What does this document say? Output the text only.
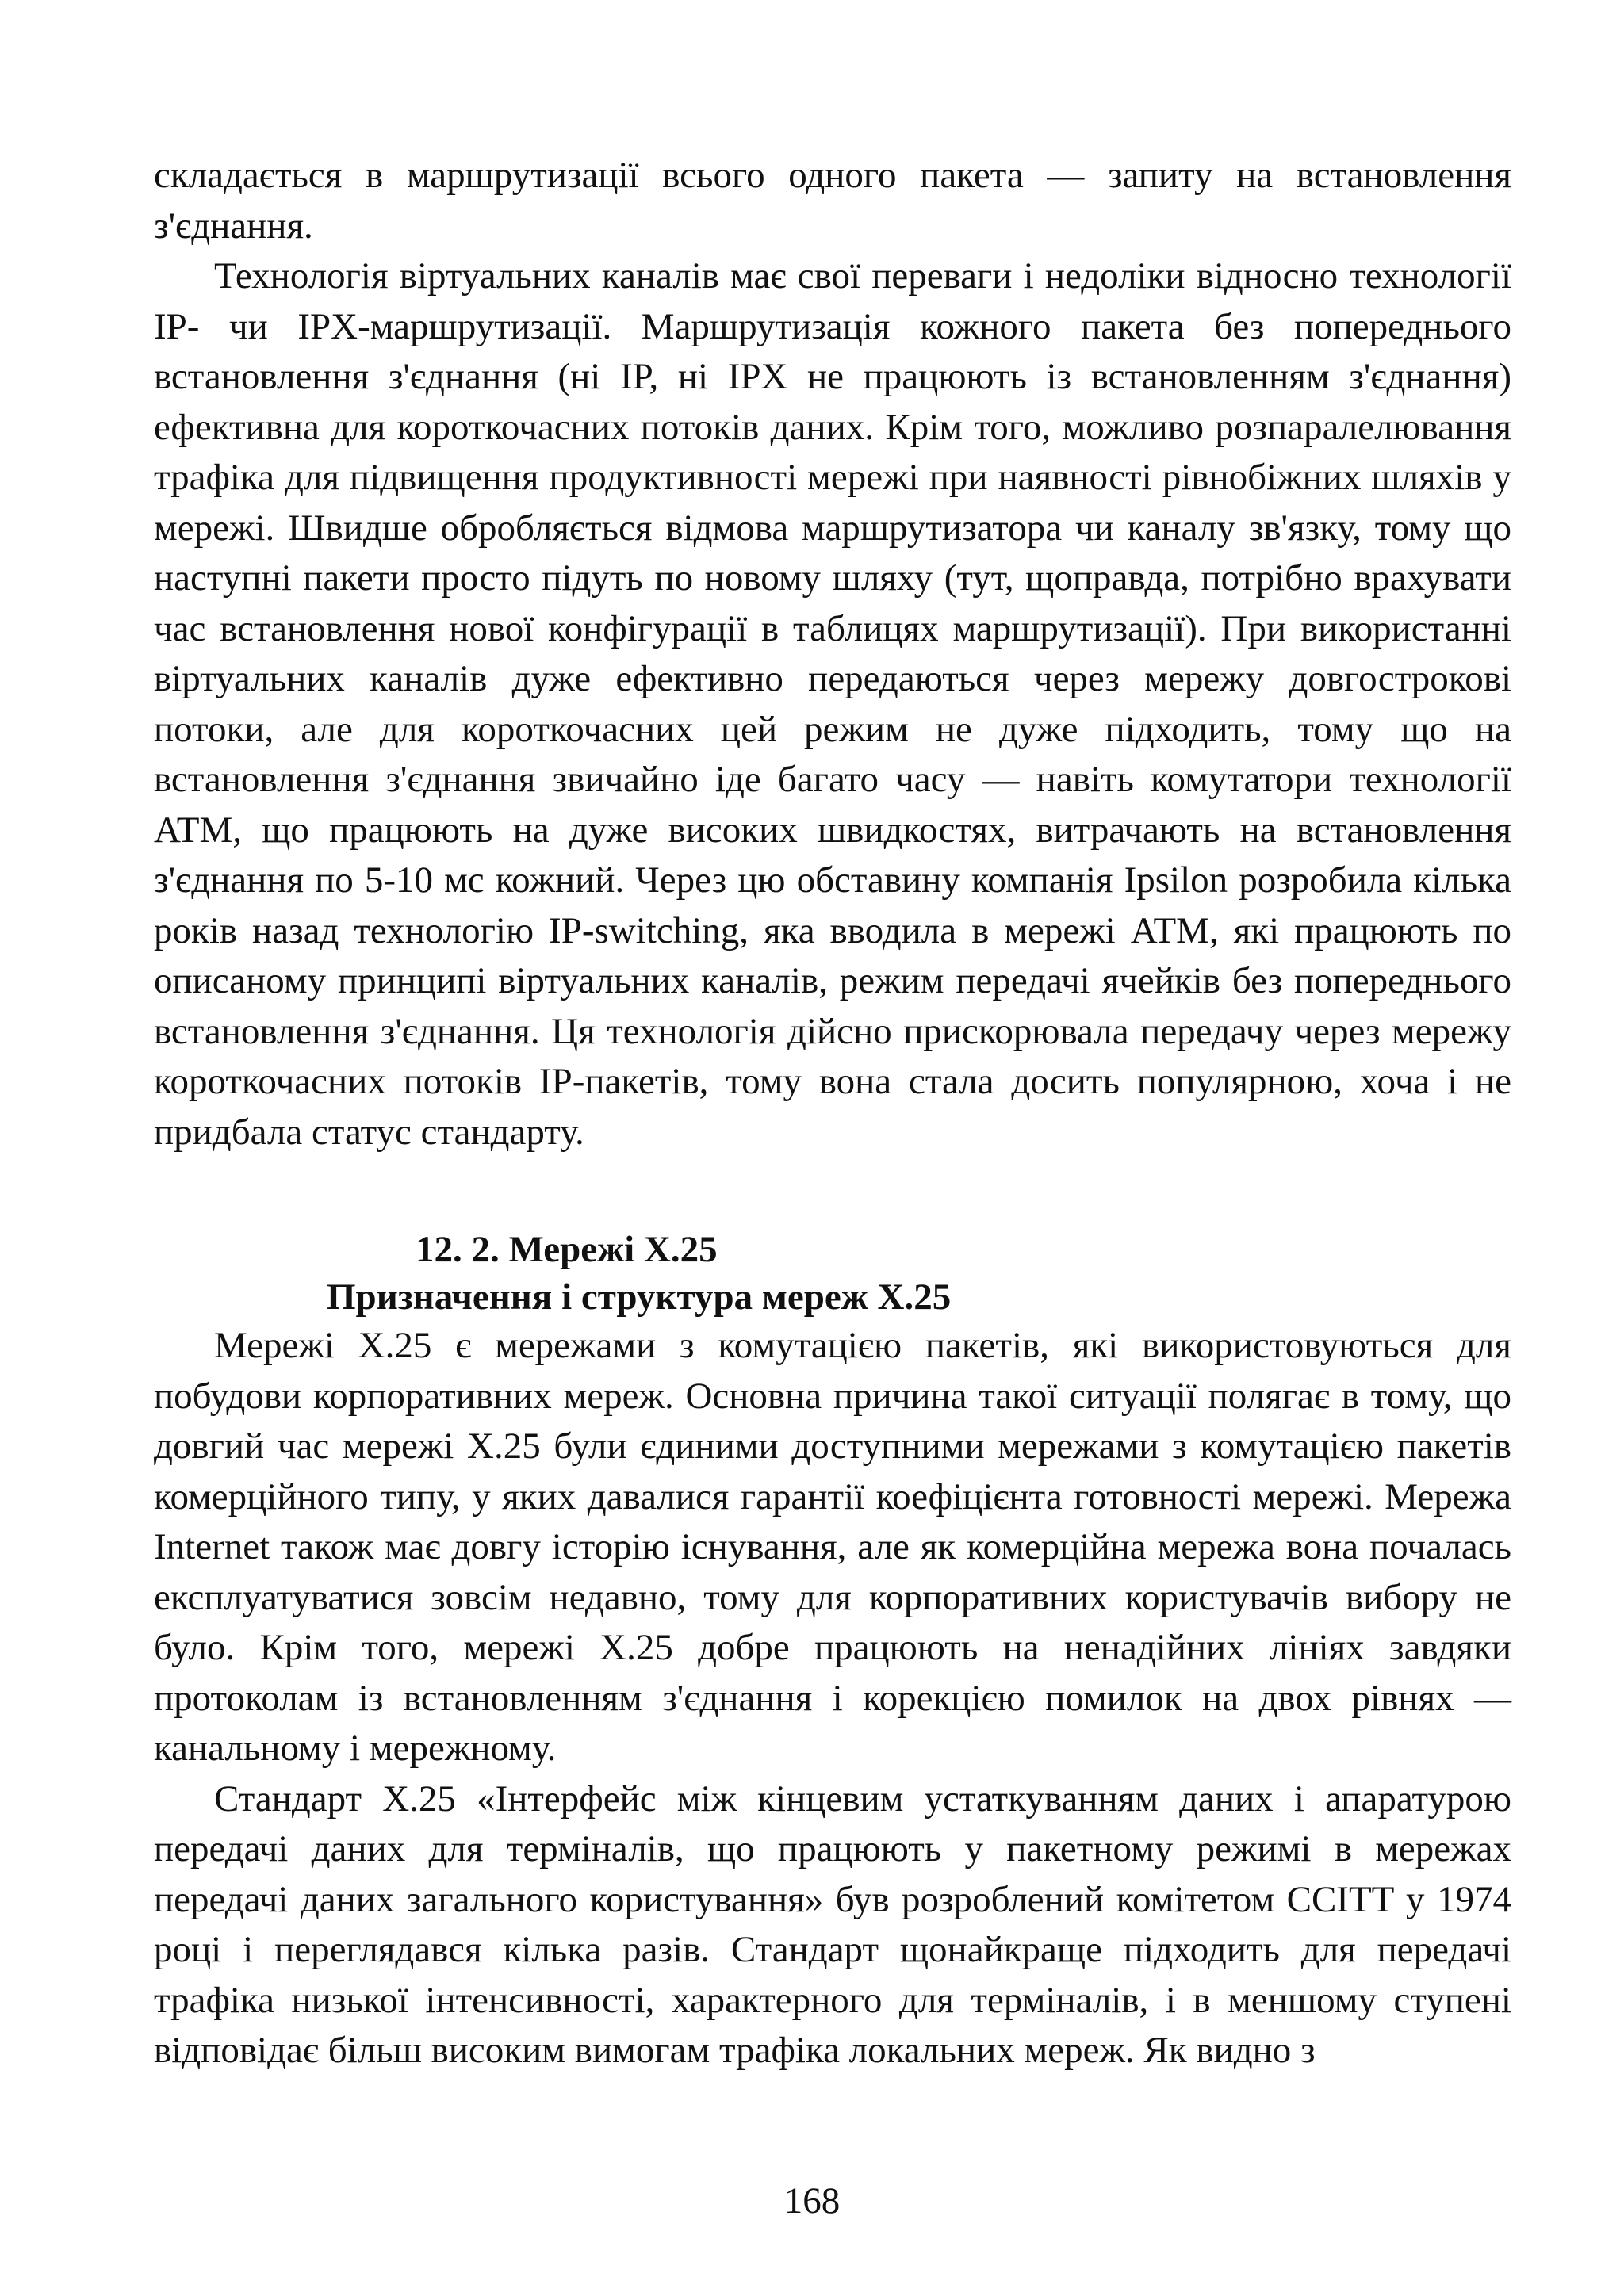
складається в маршрутизації всього одного пакета — запиту на встановлення з'єднання.

Технологія віртуальних каналів має свої переваги і недоліки відносно технології IP- чи IPX-маршрутизації. Маршрутизація кожного пакета без попереднього встановлення з'єднання (ні IP, ні IPX не працюють із встановленням з'єднання) ефективна для короткочасних потоків даних. Крім того, можливо розпаралелювання трафіка для підвищення продуктивності мережі при наявності рівнобіжних шляхів у мережі. Швидше обробляється відмова маршрутизатора чи каналу зв'язку, тому що наступні пакети просто підуть по новому шляху (тут, щоправда, потрібно врахувати час встановлення нової конфігурації в таблицях маршрутизації). При використанні віртуальних каналів дуже ефективно передаються через мережу довгострокові потоки, але для короткочасних цей режим не дуже підходить, тому що на встановлення з'єднання звичайно іде багато часу — навіть комутатори технології ATM, що працюють на дуже високих швидкостях, витрачають на встановлення з'єднання по 5-10 мс кожний. Через цю обставину компанія Ipsilon розробила кілька років назад технологію IP-switching, яка вводила в мережі ATM, які працюють по описаному принципі віртуальних каналів, режим передачі ячейків без попереднього встановлення з'єднання. Ця технологія дійсно прискорювала передачу через мережу короткочасних потоків IP-пакетів, тому вона стала досить популярною, хоча і не придбала статус стандарту.

12. 2. Мережі X.25

Призначення і структура мереж X.25

Мережі X.25 є мережами з комутацією пакетів, які використовуються для побудови корпоративних мереж. Основна причина такої ситуації полягає в тому, що довгий час мережі X.25 були єдиними доступними мережами з комутацією пакетів комерційного типу, у яких давалися гарантії коефіцієнта готовності мережі. Мережа Internet також має довгу історію існування, але як комерційна мережа вона почалась експлуатуватися зовсім недавно, тому для корпоративних користувачів вибору не було. Крім того, мережі X.25 добре працюють на ненадійних лініях завдяки протоколам із встановленням з'єднання і корекцією помилок на двох рівнях — канальному і мережному.

Стандарт X.25 «Інтерфейс між кінцевим устаткуванням даних і апаратурою передачі даних для терміналів, що працюють у пакетному режимі в мережах передачі даних загального користування» був розроблений комітетом CCITT у 1974 році і переглядався кілька разів. Стандарт щонайкраще підходить для передачі трафіка низької інтенсивності, характерного для терміналів, і в меншому ступені відповідає більш високим вимогам трафіка локальних мереж. Як видно з

168
